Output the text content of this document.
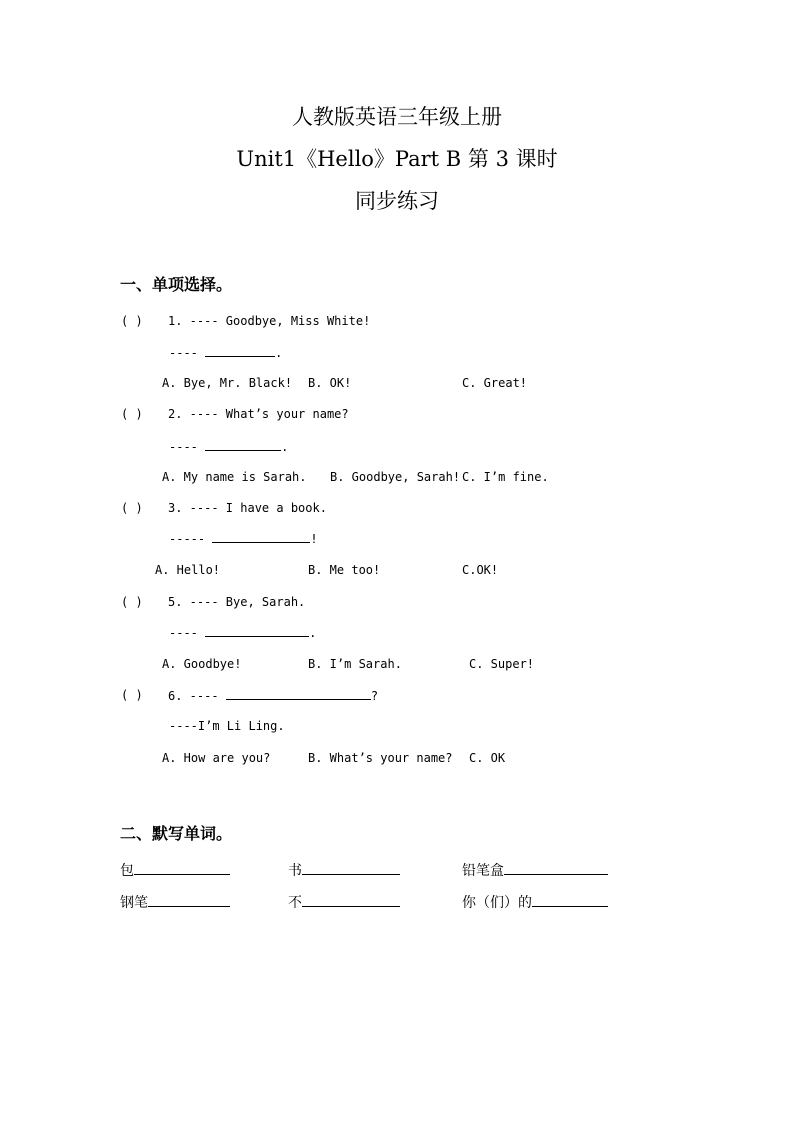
人教版英语三年级上册
Unit1《Hello》Part B 第 3 课时
同步练习
一、单项选择。
( ) 1. ---- Goodbye, Miss White!
----	.
A. Bye, Mr. Black! B. OK!	C. Great!
( ) 2. ---- What’s your name?
----	.
A. My name is Sarah. B. Goodbye, Sarah! C. I’m fine.
( ) 3. ---- I have a book.
-----	!
A. Hello!	B. Me too!	C.OK!
( ) 5. ---- Bye, Sarah.
----	.
A. Goodbye!	B. I’m Sarah.	C. Super!
( ) 6. ----	?
----I’m Li Ling.
A. How are you?	B. What’s your name? C. OK
二、默写单词。
包	书	铅笔盒
钢笔	不	你（们）的
